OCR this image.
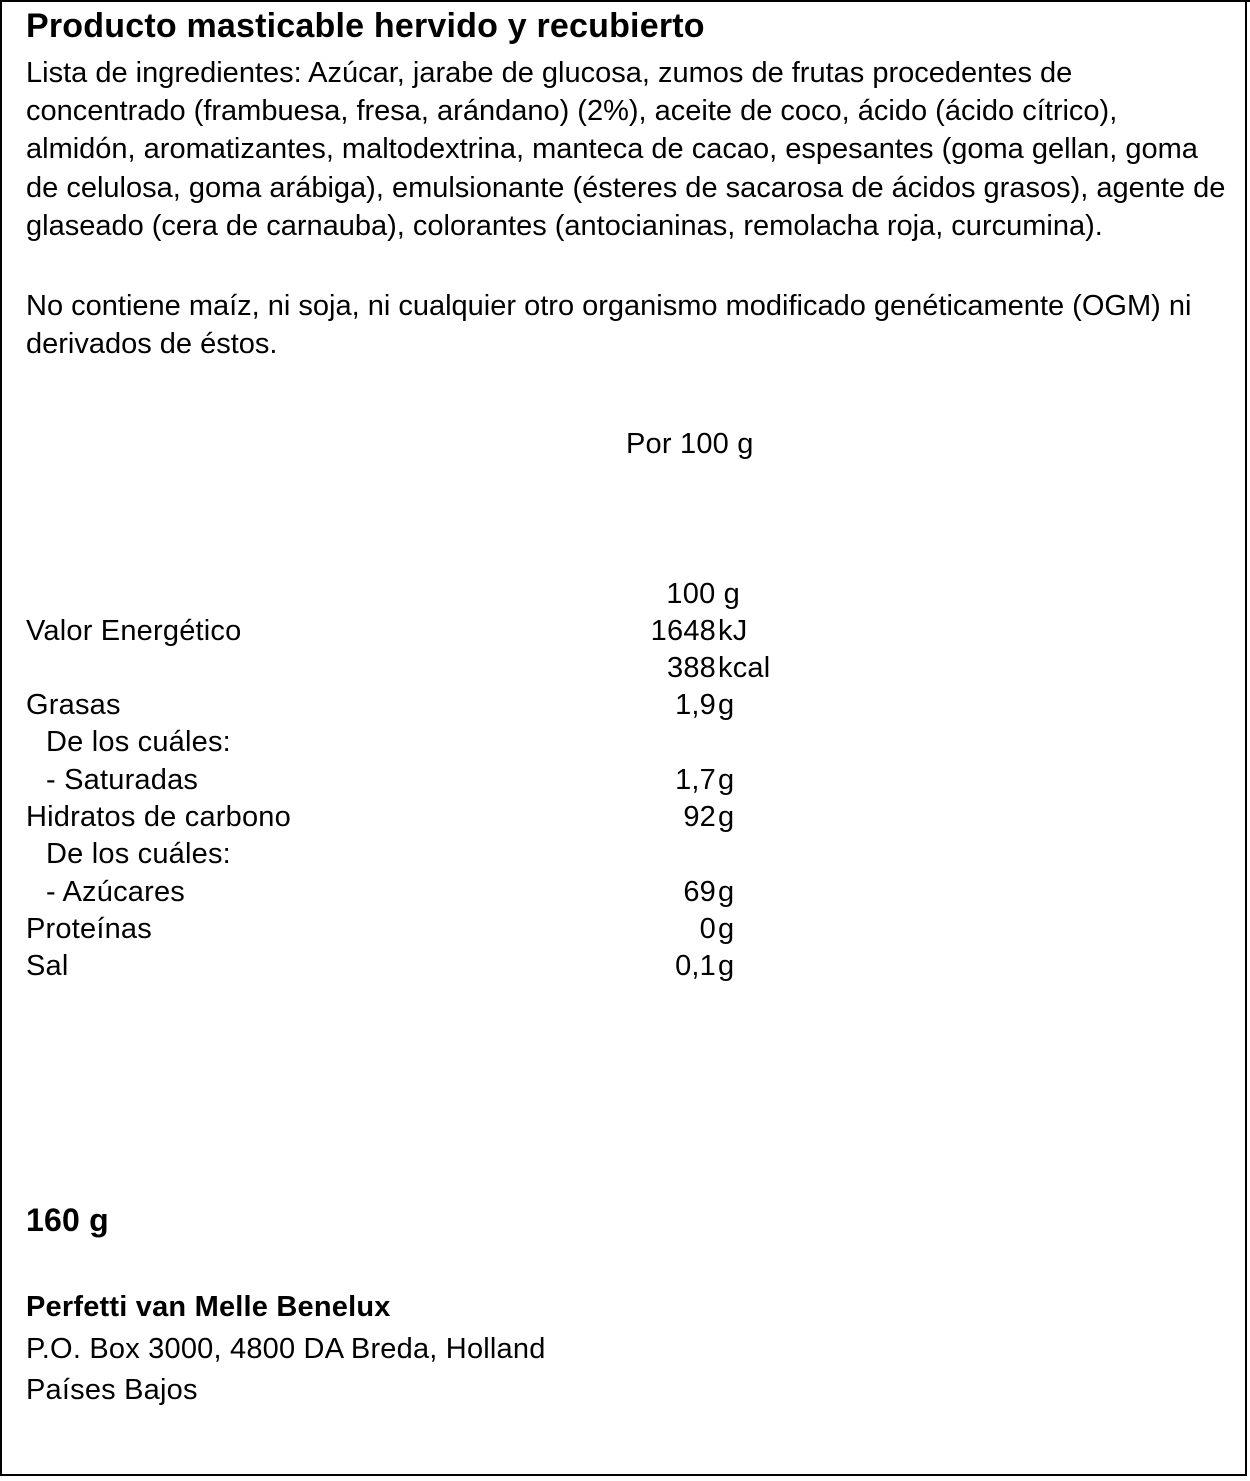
Producto masticable hervido y recubierto
Lista de ingredientes: Azúcar, jarabe de glucosa, zumos de frutas procedentes de concentrado (frambuesa, fresa, arándano) (2%), aceite de coco, ácido (ácido cítrico), almidón, aromatizantes, maltodextrina, manteca de cacao, espesantes (goma gellan, goma de celulosa, goma arábiga), emulsionante (ésteres de sacarosa de ácidos grasos), agente de glaseado (cera de carnauba), colorantes (antocianinas, remolacha roja, curcumina).
No contiene maíz, ni soja, ni cualquier otro organismo modificado genéticamente (OGM) ni derivados de éstos.
Por 100 g
100 g
Valor Energético	1648 kJ
388 kcal
Grasas	1,9 g
De los cuáles:
- Saturadas	1,7 g
Hidratos de carbono	92 g
De los cuáles:
- Azúcares	69 g
Proteínas	0 g
Sal	0,1 g
160 g
Perfetti van Melle Benelux
P.O. Box 3000, 4800 DA Breda, Holland
Países Bajos
